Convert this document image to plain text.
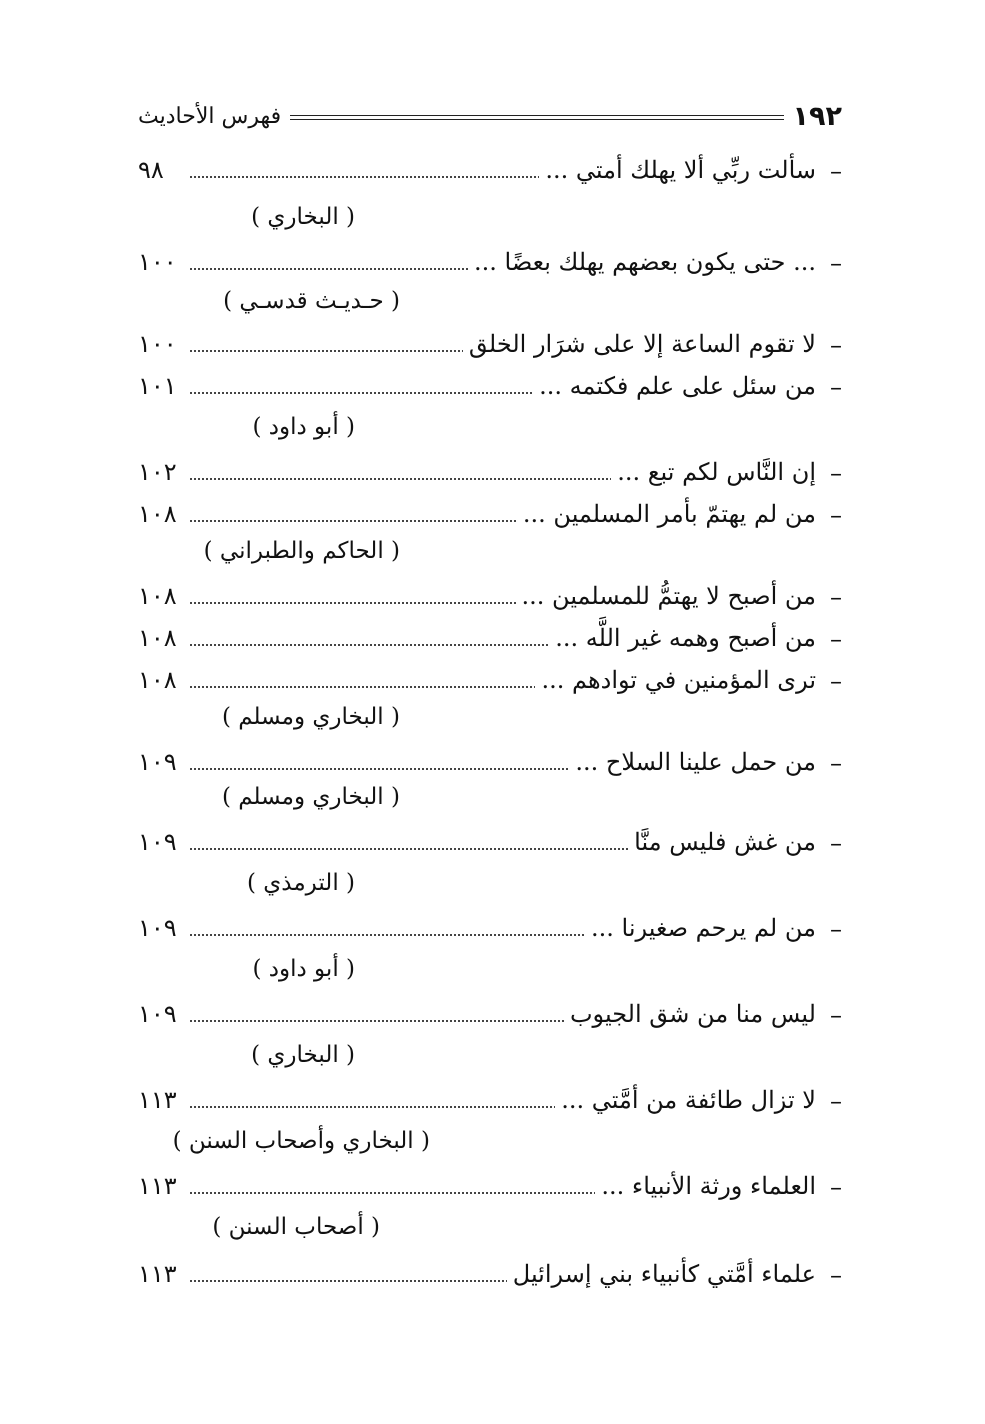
١٩٢
فهرس الأحاديث
–
سألت ربِّي ألا يهلك أمتي ...
٩٨
( البخاري )
–
... حتى يكون بعضهم يهلك بعضًا ...
١٠٠
( حـديـث قدسـي )
–
لا تقوم الساعة إلا على شرَار الخلق
١٠٠
–
من سئل على علم فكتمه ...
١٠١
( أبو داود )
–
إن النَّاس لكم تبع ...
١٠٢
–
من لم يهتمّ بأمر المسلمين ...
١٠٨
( الحاكم والطبراني )
–
من أصبح لا يهتمُّ للمسلمين ...
١٠٨
–
من أصبح وهمه غير اللَّه ...
١٠٨
–
ترى المؤمنين في توادهم ...
١٠٨
( البخاري ومسلم )
–
من حمل علينا السلاح ...
١٠٩
( البخاري ومسلم )
–
من غش فليس منَّا
١٠٩
( الترمذي )
–
من لم يرحم صغيرنا ...
١٠٩
( أبو داود )
–
ليس منا من شق الجيوب
١٠٩
( البخاري )
–
لا تزال طائفة من أمَّتي ...
١١٣
( البخاري وأصحاب السنن )
–
العلماء ورثة الأنبياء ...
١١٣
( أصحاب السنن )
–
علماء أمَّتي كأنبياء بني إسرائيل
١١٣
